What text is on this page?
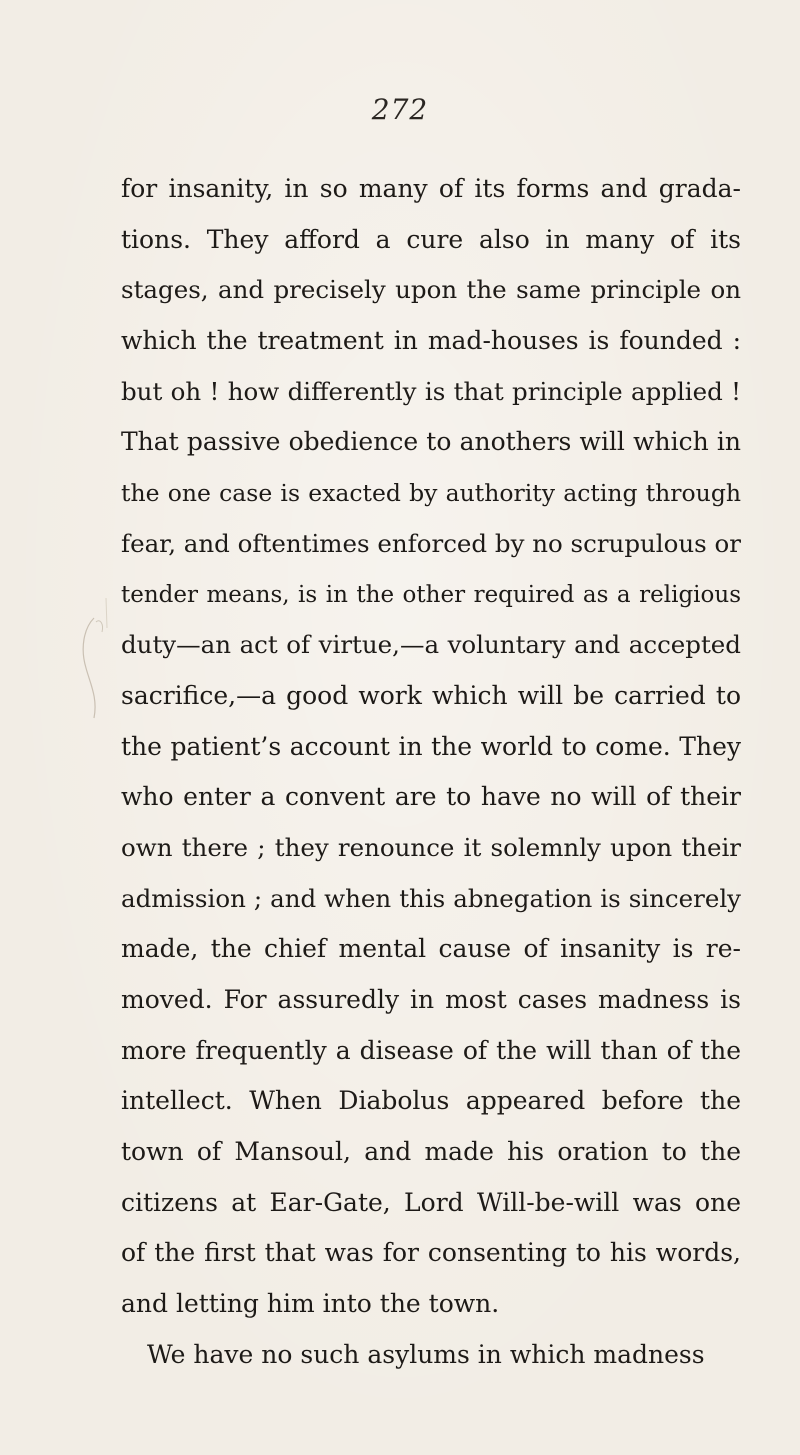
272
for insanity, in so many of its forms and grada-
tions. They afford a cure also in many of its
stages, and precisely upon the same principle on
which the treatment in mad-houses is founded :
but oh ! how differently is that principle applied !
That passive obedience to anothers will which in
the one case is exacted by authority acting through
fear, and oftentimes enforced by no scrupulous or
tender means, is in the other required as a religious
duty—an act of virtue,—a voluntary and accepted
sacrifice,—a good work which will be carried to
the patient’s account in the world to come. They
who enter a convent are to have no will of their
own there ; they renounce it solemnly upon their
admission ; and when this abnegation is sincerely
made, the chief mental cause of insanity is re-
moved. For assuredly in most cases madness is
more frequently a disease of the will than of the
intellect. When Diabolus appeared before the
town of Mansoul, and made his oration to the
citizens at Ear-Gate, Lord Will-be-will was one
of the first that was for consenting to his words,
and letting him into the town.
We have no such asylums in which madness
